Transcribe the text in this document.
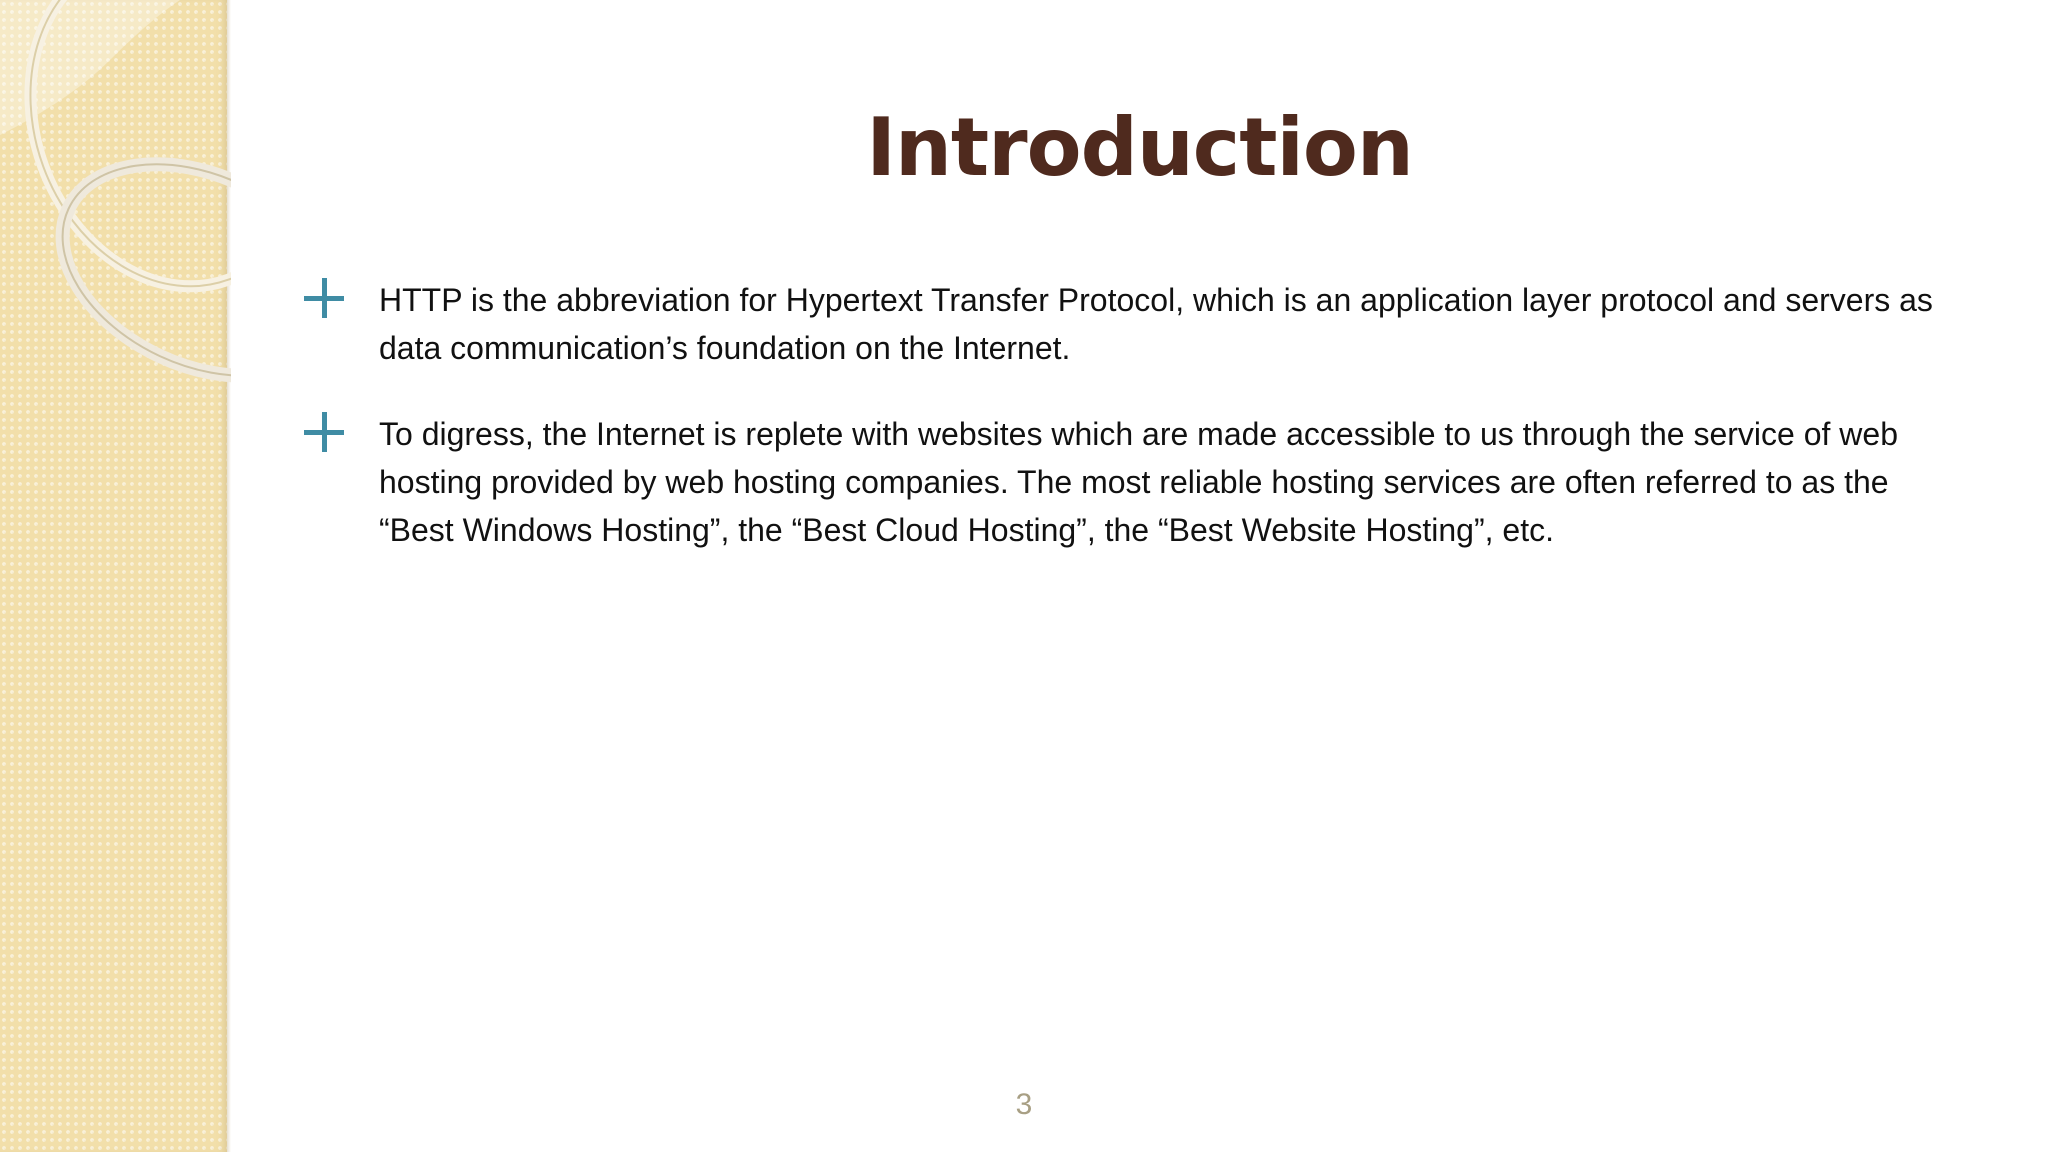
Introduction
HTTP is the abbreviation for Hypertext Transfer Protocol, which is an application layer protocol and servers as data communication’s foundation on the Internet.
To digress, the Internet is replete with websites which are made accessible to us through the service of web hosting provided by web hosting companies. The most reliable hosting services are often referred to as the “Best Windows Hosting”, the “Best Cloud Hosting”, the “Best Website Hosting”, etc.
3
